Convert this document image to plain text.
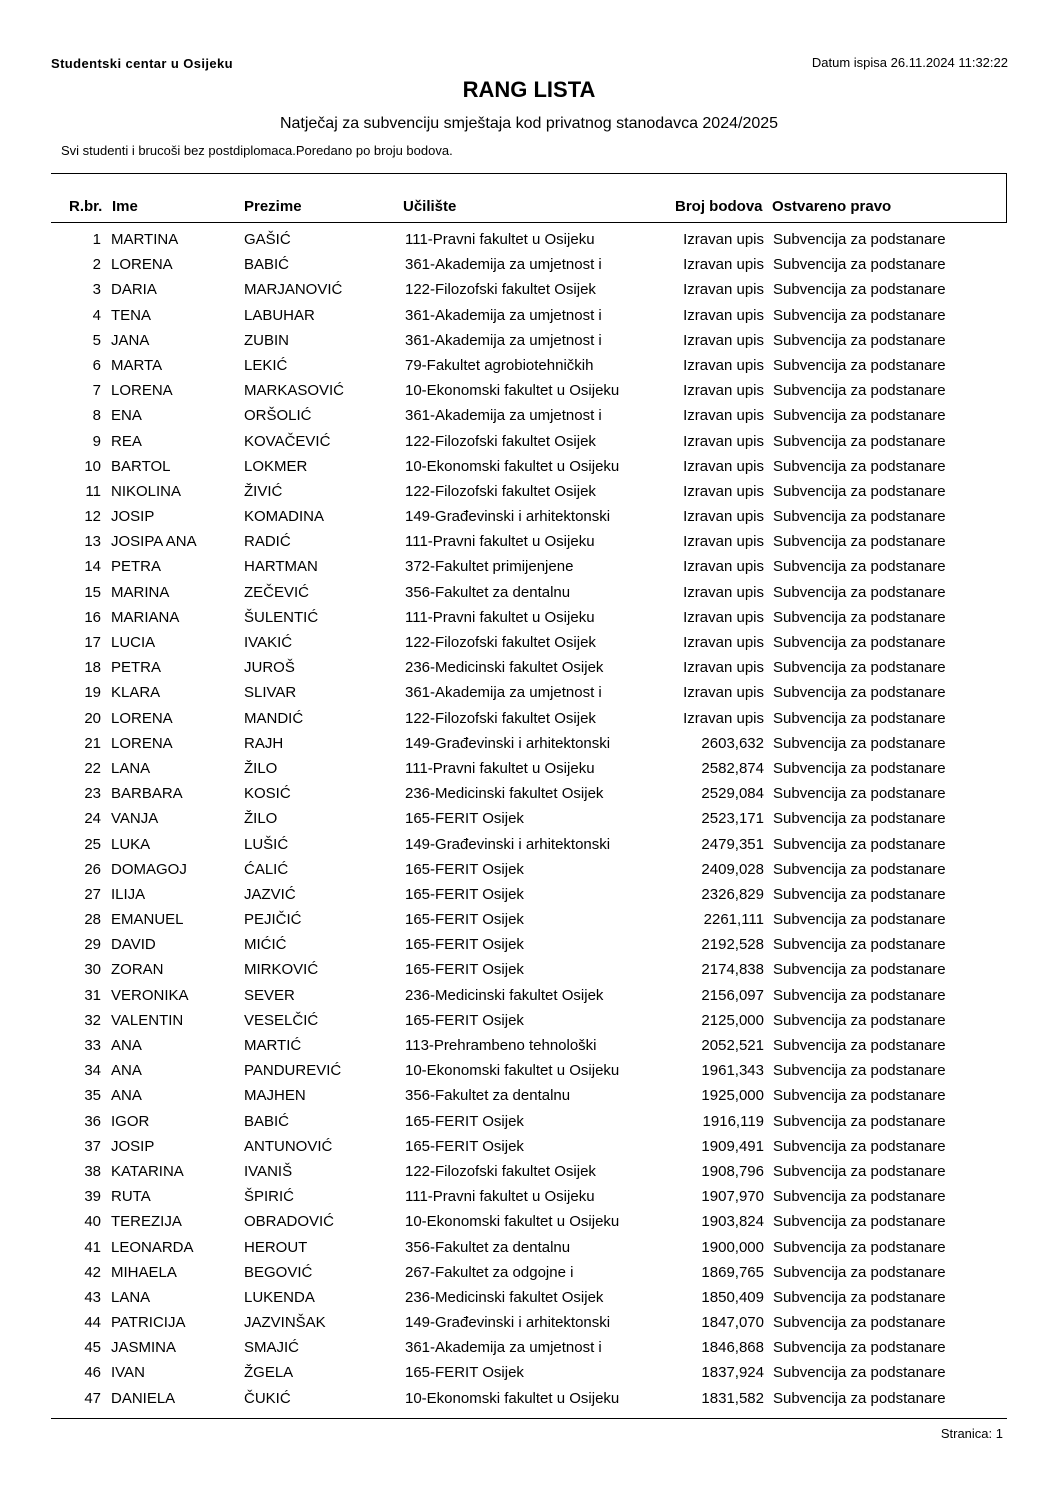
Studentski centar u Osijeku	Datum ispisa 26.11.2024 11:32:22
RANG LISTA
Natječaj za subvenciju smještaja kod privatnog stanodavca 2024/2025
Svi studenti i brucoši bez postdiplomaca.Poredano po broju bodova.
R.br. Ime	Prezime	Učilište	Broj bodova Ostvareno pravo
1 MARTINA	GAŠIĆ	111-Pravni fakultet u Osijeku	Izravan upis Subvencija za podstanare
2 LORENA	BABIĆ	361-Akademija za umjetnost i	Izravan upis Subvencija za podstanare
3 DARIA	MARJANOVIĆ	122-Filozofski fakultet Osijek	Izravan upis Subvencija za podstanare
4 TENA	LABUHAR	361-Akademija za umjetnost i	Izravan upis Subvencija za podstanare
5 JANA	ZUBIN	361-Akademija za umjetnost i	Izravan upis Subvencija za podstanare
6 MARTA	LEKIĆ	79-Fakultet agrobiotehničkih	Izravan upis Subvencija za podstanare
7 LORENA	MARKASOVIĆ	10-Ekonomski fakultet u Osijeku	Izravan upis Subvencija za podstanare
8 ENA	ORŠOLIĆ	361-Akademija za umjetnost i	Izravan upis Subvencija za podstanare
9 REA	KOVAČEVIĆ	122-Filozofski fakultet Osijek	Izravan upis Subvencija za podstanare
10 BARTOL	LOKMER	10-Ekonomski fakultet u Osijeku	Izravan upis Subvencija za podstanare
11 NIKOLINA	ŽIVIĆ	122-Filozofski fakultet Osijek	Izravan upis Subvencija za podstanare
12 JOSIP	KOMADINA	149-Građevinski i arhitektonski	Izravan upis Subvencija za podstanare
13 JOSIPA ANA	RADIĆ	111-Pravni fakultet u Osijeku	Izravan upis Subvencija za podstanare
14 PETRA	HARTMAN	372-Fakultet primijenjene	Izravan upis Subvencija za podstanare
15 MARINA	ZEČEVIĆ	356-Fakultet za dentalnu	Izravan upis Subvencija za podstanare
16 MARIANA	ŠULENTIĆ	111-Pravni fakultet u Osijeku	Izravan upis Subvencija za podstanare
17 LUCIA	IVAKIĆ	122-Filozofski fakultet Osijek	Izravan upis Subvencija za podstanare
18 PETRA	JUROŠ	236-Medicinski fakultet Osijek	Izravan upis Subvencija za podstanare
19 KLARA	SLIVAR	361-Akademija za umjetnost i	Izravan upis Subvencija za podstanare
20 LORENA	MANDIĆ	122-Filozofski fakultet Osijek	Izravan upis Subvencija za podstanare
21 LORENA	RAJH	149-Građevinski i arhitektonski	2603,632 Subvencija za podstanare
22 LANA	ŽILO	111-Pravni fakultet u Osijeku	2582,874 Subvencija za podstanare
23 BARBARA	KOSIĆ	236-Medicinski fakultet Osijek	2529,084 Subvencija za podstanare
24 VANJA	ŽILO	165-FERIT Osijek	2523,171 Subvencija za podstanare
25 LUKA	LUŠIĆ	149-Građevinski i arhitektonski	2479,351 Subvencija za podstanare
26 DOMAGOJ	ĆALIĆ	165-FERIT Osijek	2409,028 Subvencija za podstanare
27 ILIJA	JAZVIĆ	165-FERIT Osijek	2326,829 Subvencija za podstanare
28 EMANUEL	PEJIČIĆ	165-FERIT Osijek	2261,111 Subvencija za podstanare
29 DAVID	MIĆIĆ	165-FERIT Osijek	2192,528 Subvencija za podstanare
30 ZORAN	MIRKOVIĆ	165-FERIT Osijek	2174,838 Subvencija za podstanare
31 VERONIKA	SEVER	236-Medicinski fakultet Osijek	2156,097 Subvencija za podstanare
32 VALENTIN	VESELČIĆ	165-FERIT Osijek	2125,000 Subvencija za podstanare
33 ANA	MARTIĆ	113-Prehrambeno tehnološki	2052,521 Subvencija za podstanare
34 ANA	PANDUREVIĆ	10-Ekonomski fakultet u Osijeku	1961,343 Subvencija za podstanare
35 ANA	MAJHEN	356-Fakultet za dentalnu	1925,000 Subvencija za podstanare
36 IGOR	BABIĆ	165-FERIT Osijek	1916,119 Subvencija za podstanare
37 JOSIP	ANTUNOVIĆ	165-FERIT Osijek	1909,491 Subvencija za podstanare
38 KATARINA	IVANIŠ	122-Filozofski fakultet Osijek	1908,796 Subvencija za podstanare
39 RUTA	ŠPIRIĆ	111-Pravni fakultet u Osijeku	1907,970 Subvencija za podstanare
40 TEREZIJA	OBRADOVIĆ	10-Ekonomski fakultet u Osijeku	1903,824 Subvencija za podstanare
41 LEONARDA	HEROUT	356-Fakultet za dentalnu	1900,000 Subvencija za podstanare
42 MIHAELA	BEGOVIĆ	267-Fakultet za odgojne i	1869,765 Subvencija za podstanare
43 LANA	LUKENDA	236-Medicinski fakultet Osijek	1850,409 Subvencija za podstanare
44 PATRICIJA	JAZVINŠAK	149-Građevinski i arhitektonski	1847,070 Subvencija za podstanare
45 JASMINA	SMAJIĆ	361-Akademija za umjetnost i	1846,868 Subvencija za podstanare
46 IVAN	ŽGELA	165-FERIT Osijek	1837,924 Subvencija za podstanare
47 DANIELA	ČUKIĆ	10-Ekonomski fakultet u Osijeku	1831,582 Subvencija za podstanare
Stranica: 1
